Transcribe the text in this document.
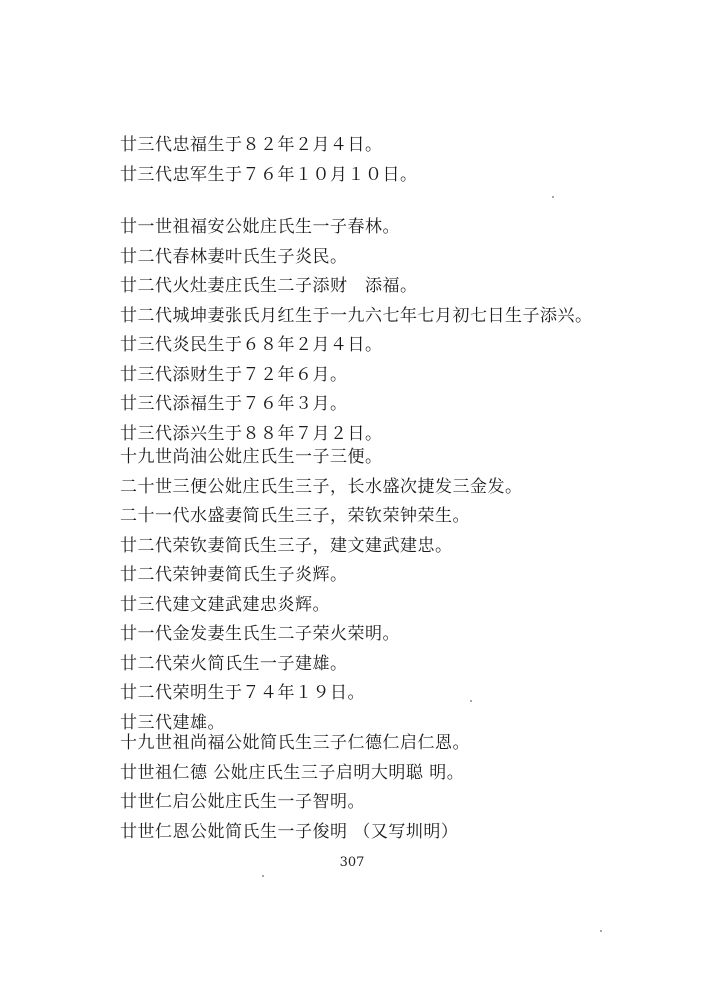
廿三代忠福生于８２年２月４日。
廿三代忠军生于７６年１０月１０日。
廿一世祖福安公妣庄氏生一子春林。
廿二代春林妻叶氏生子炎民。
廿二代火灶妻庄氏生二子添财　添福。
廿二代城坤妻张氏月红生于一九六七年七月初七日生子添兴。
廿三代炎民生于６８年２月４日。
廿三代添财生于７２年６月。
廿三代添福生于７６年３月。
廿三代添兴生于８８年７月２日。
十九世尚油公妣庄氏生一子三便。
二十世三便公妣庄氏生三子，长水盛次捷发三金发。
二十一代水盛妻简氏生三子，荣钦荣钟荣生。
廿二代荣钦妻简氏生三子，建文建武建忠。
廿二代荣钟妻简氏生子炎辉。
廿三代建文建武建忠炎辉。
廿一代金发妻生氏生二子荣火荣明。
廿二代荣火简氏生一子建雄。
廿二代荣明生于７４年１９日。
廿三代建雄。
十九世祖尚福公妣简氏生三子仁德仁启仁恩。
廿世祖仁德 公妣庄氏生三子启明大明聪 明。
廿世仁启公妣庄氏生一子智明。
廿世仁恩公妣简氏生一子俊明 （又写圳明）
307
